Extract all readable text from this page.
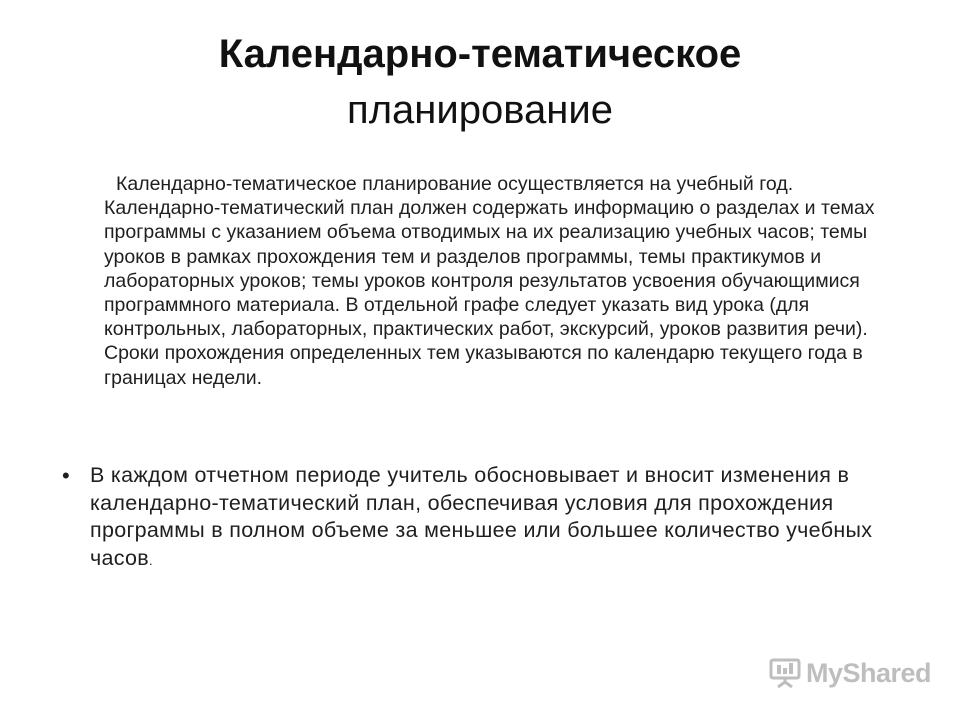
Календарно-тематическое
планирование

Календарно-тематическое планирование осуществляется на учебный год. Календарно-тематический план должен содержать информацию о разделах и темах программы с указанием объема отводимых на их реализацию учебных часов; темы уроков в рамках прохождения тем и разделов программы, темы практикумов и лабораторных уроков; темы уроков контроля результатов усвоения обучающимися программного материала. В отдельной графе следует указать вид урока (для контрольных, лабораторных, практических работ, экскурсий, уроков развития речи). Сроки прохождения определенных тем указываются по календарю текущего года в границах недели.

• В каждом отчетном периоде учитель обосновывает и вносит изменения в календарно-тематический план, обеспечивая условия для прохождения программы в полном объеме за меньшее или большее количество учебных часов.
MyShared
